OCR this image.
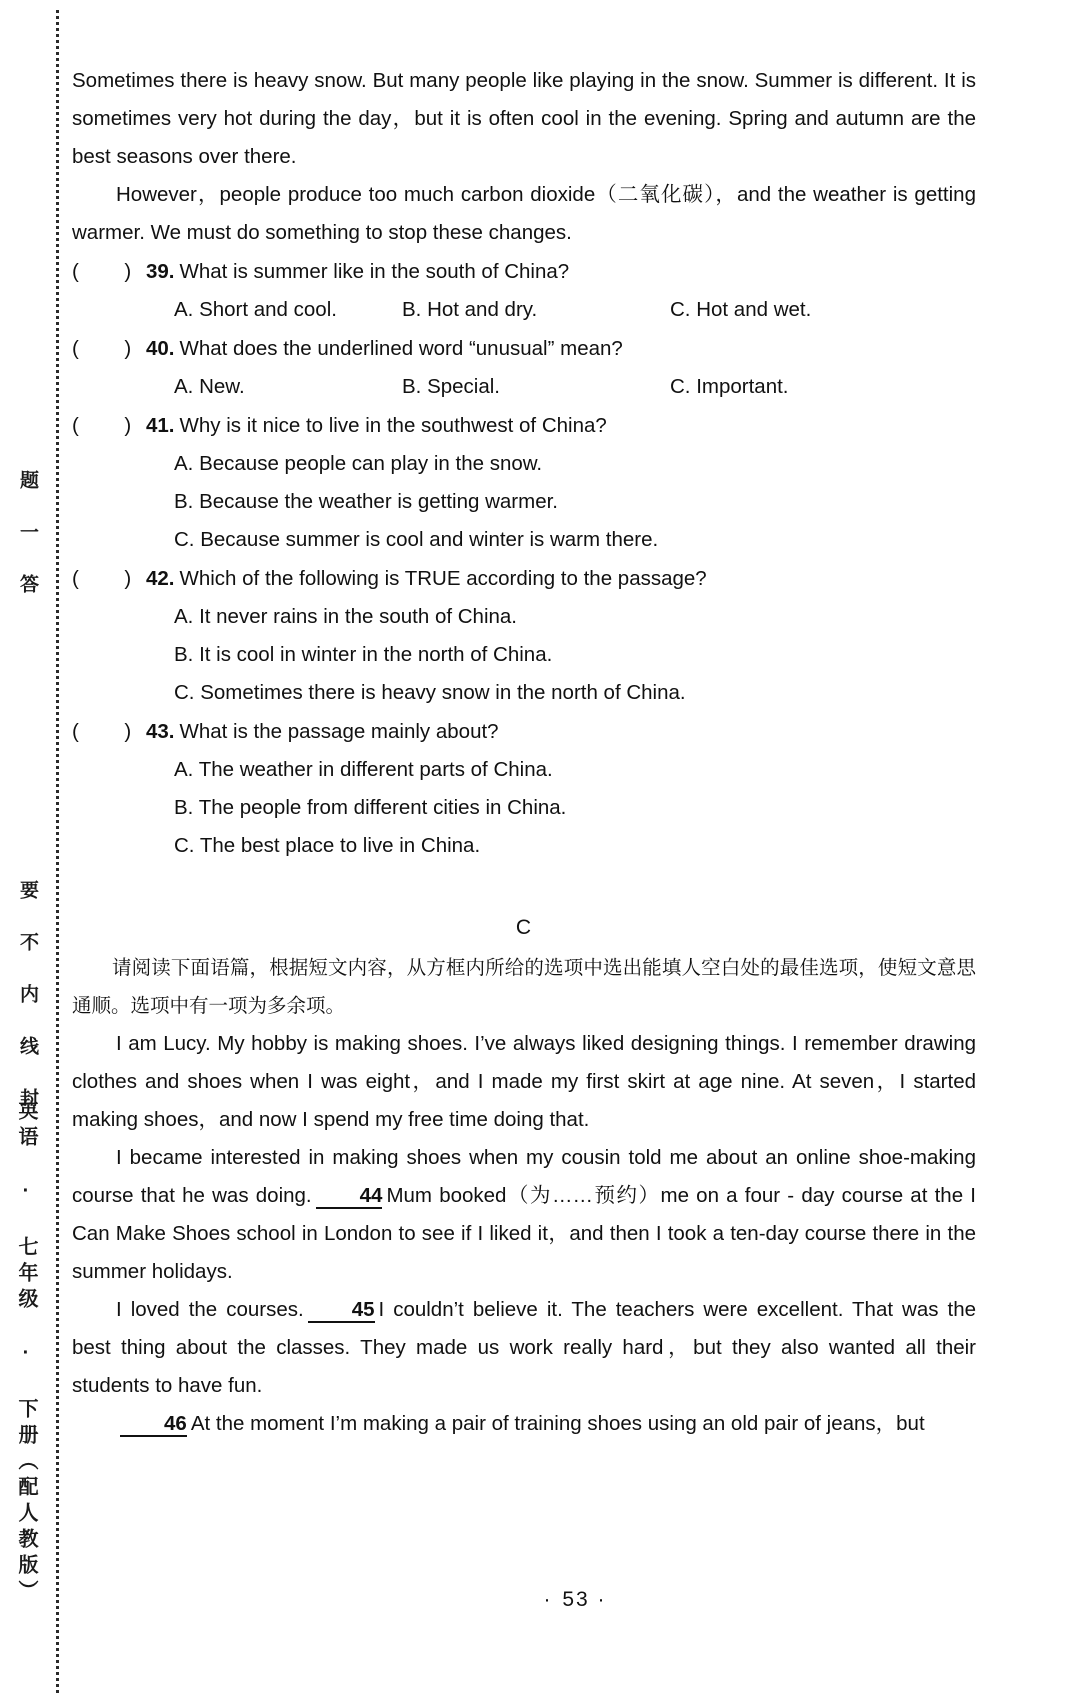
题 一 答
要 不 内 线 封
英语 · 七年级 · 下册（配人教版）

Sometimes there is heavy snow. But many people like playing in the snow. Summer is different. It is sometimes very hot during the day，but it is often cool in the evening. Spring and autumn are the best seasons over there.

However，people produce too much carbon dioxide（二氧化碳），and the weather is getting warmer. We must do something to stop these changes.

(        ) 39. What is summer like in the south of China?
A. Short and cool.	B. Hot and dry.	C. Hot and wet.
(        ) 40. What does the underlined word “unusual” mean?
A. New.	B. Special.	C. Important.
(        ) 41. Why is it nice to live in the southwest of China?
A. Because people can play in the snow.
B. Because the weather is getting warmer.
C. Because summer is cool and winter is warm there.
(        ) 42. Which of the following is TRUE according to the passage?
A. It never rains in the south of China.
B. It is cool in winter in the north of China.
C. Sometimes there is heavy snow in the north of China.
(        ) 43. What is the passage mainly about?
A. The weather in different parts of China.
B. The people from different cities in China.
C. The best place to live in China.
C

请阅读下面语篇，根据短文内容，从方框内所给的选项中选出能填人空白处的最佳选项，使短文意思通顺。选项中有一项为多余项。

I am Lucy. My hobby is making shoes. I’ve always liked designing things. I remember drawing clothes and shoes when I was eight，and I made my first skirt at age nine. At seven，I started making shoes，and now I spend my free time doing that.

I became interested in making shoes when my cousin told me about an online shoe-making course that he was doing. 44 Mum booked（为……预约）me on a four - day course at the I Can Make Shoes school in London to see if I liked it，and then I took a ten-day course there in the summer holidays.

I loved the courses. 45 I couldn’t believe it. The teachers were excellent. That was the best thing about the classes. They made us work really hard，but they also wanted all their students to have fun.

46 At the moment I’m making a pair of training shoes using an old pair of jeans，but

· 53 ·
